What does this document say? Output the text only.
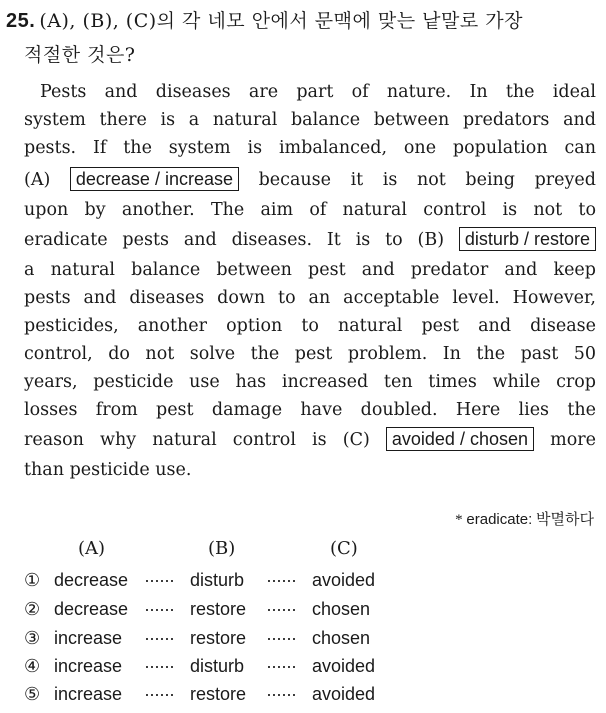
25. (A), (B), (C)의 각 네모 안에서 문맥에 맞는 낱말로 가장
적절한 것은?
Pests and diseases are part of nature. In the ideal
system there is a natural balance between predators and
pests. If the system is imbalanced, one population can
(A) decrease / increase because it is not being preyed
upon by another. The aim of natural control is not to
eradicate pests and diseases. It is to (B) disturb / restore
a natural balance between pest and predator and keep
pests and diseases down to an acceptable level. However,
pesticides, another option to natural pest and disease
control, do not solve the pest problem. In the past 50
years, pesticide use has increased ten times while crop
losses from pest damage have doubled. Here lies the
reason why natural control is (C) avoided / chosen more
than pesticide use.
* eradicate: 박멸하다
(A)	(B)	(C)
① decrease ······ disturb ······ avoided
② decrease ······ restore ······ chosen
③ increase ······ restore ······ chosen
④ increase ······ disturb ······ avoided
⑤ increase ······ restore ······ avoided
